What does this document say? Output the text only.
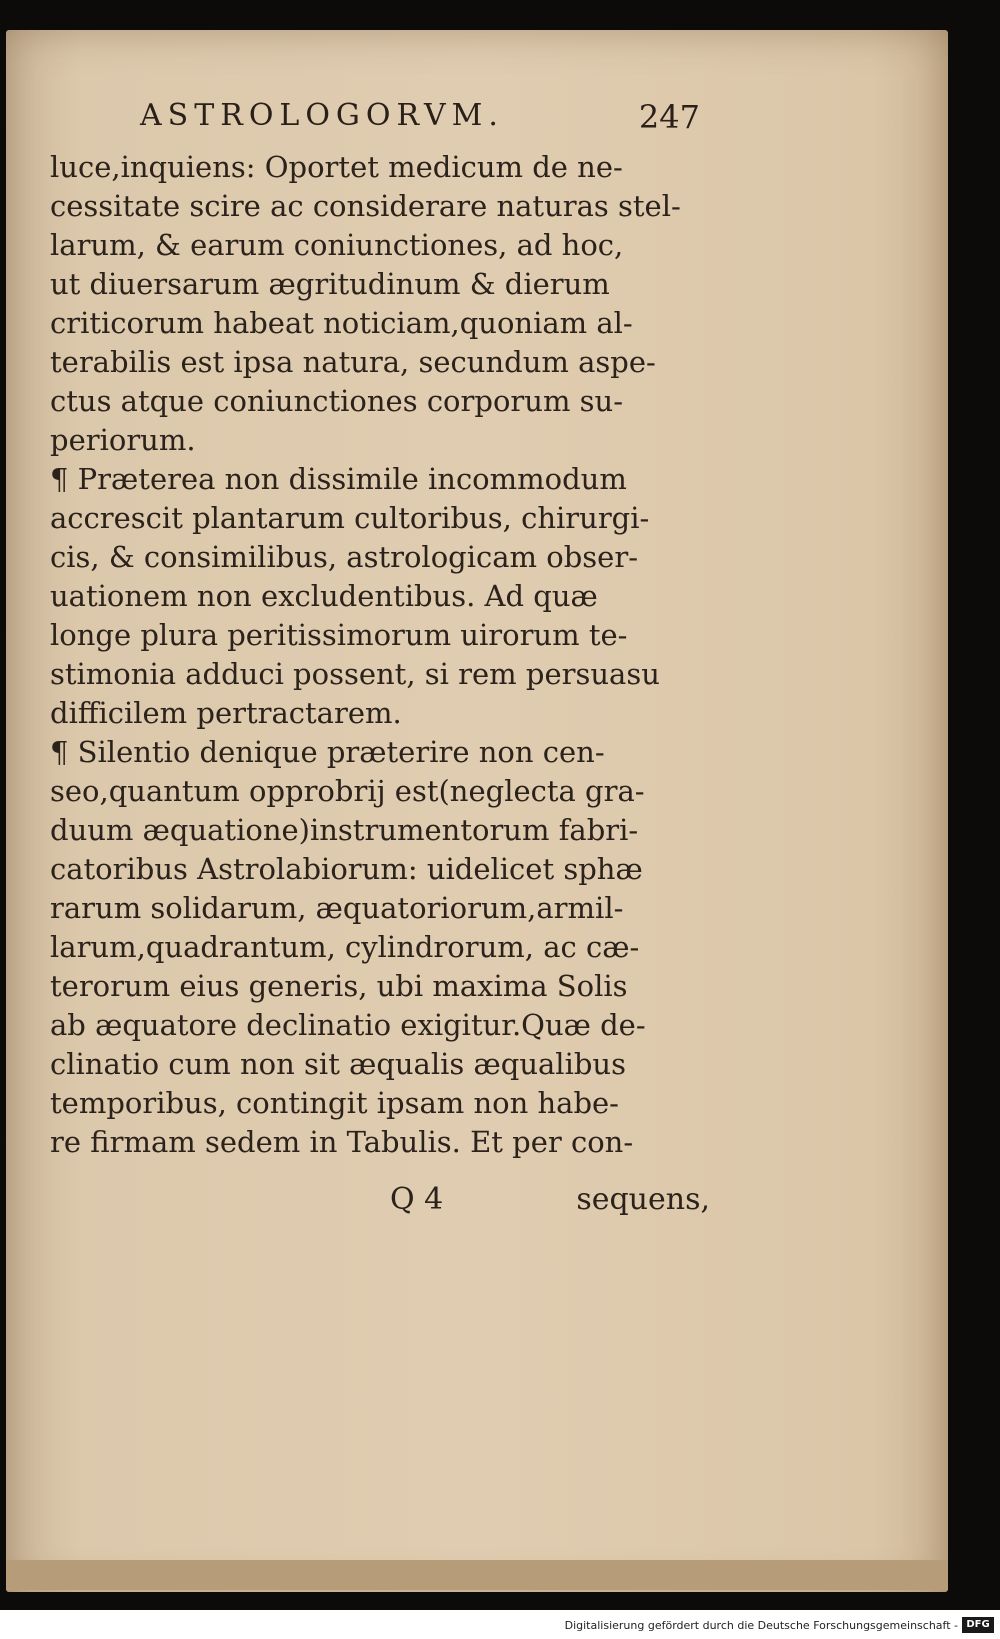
ASTROLOGORVM.	247
luce,inquiens: Oportet medicum de ne-
cessitate scire ac considerare naturas stel-
larum, & earum coniunctiones, ad hoc,
ut diuersarum ægritudinum & dierum
criticorum habeat noticiam,quoniam al-
terabilis est ipsa natura, secundum aspe-
ctus atque coniunctiones corporum su-
periorum.
¶ Præterea non dissimile incommodum
accrescit plantarum cultoribus, chirurgi-
cis, & consimilibus, astrologicam obser-
uationem non excludentibus. Ad quæ
longe plura peritissimorum uirorum te-
stimonia adduci possent, si rem persuasu
difficilem pertractarem.
¶ Silentio denique præterire non cen-
seo,quantum opprobrij est(neglecta gra-
duum æquatione)instrumentorum fabri-
catoribus Astrolabiorum: uidelicet sphæ
rarum solidarum, æquatoriorum,armil-
larum,quadrantum, cylindrorum, ac cæ-
terorum eius generis, ubi maxima Solis
ab æquatore declinatio exigitur.Quæ de-
clinatio cum non sit æqualis æqualibus
temporibus, contingit ipsam non habe-
re firmam sedem in Tabulis. Et per con-
Q 4	sequens,
Digitalisierung gefördert durch die Deutsche Forschungsgemeinschaft - DFG
